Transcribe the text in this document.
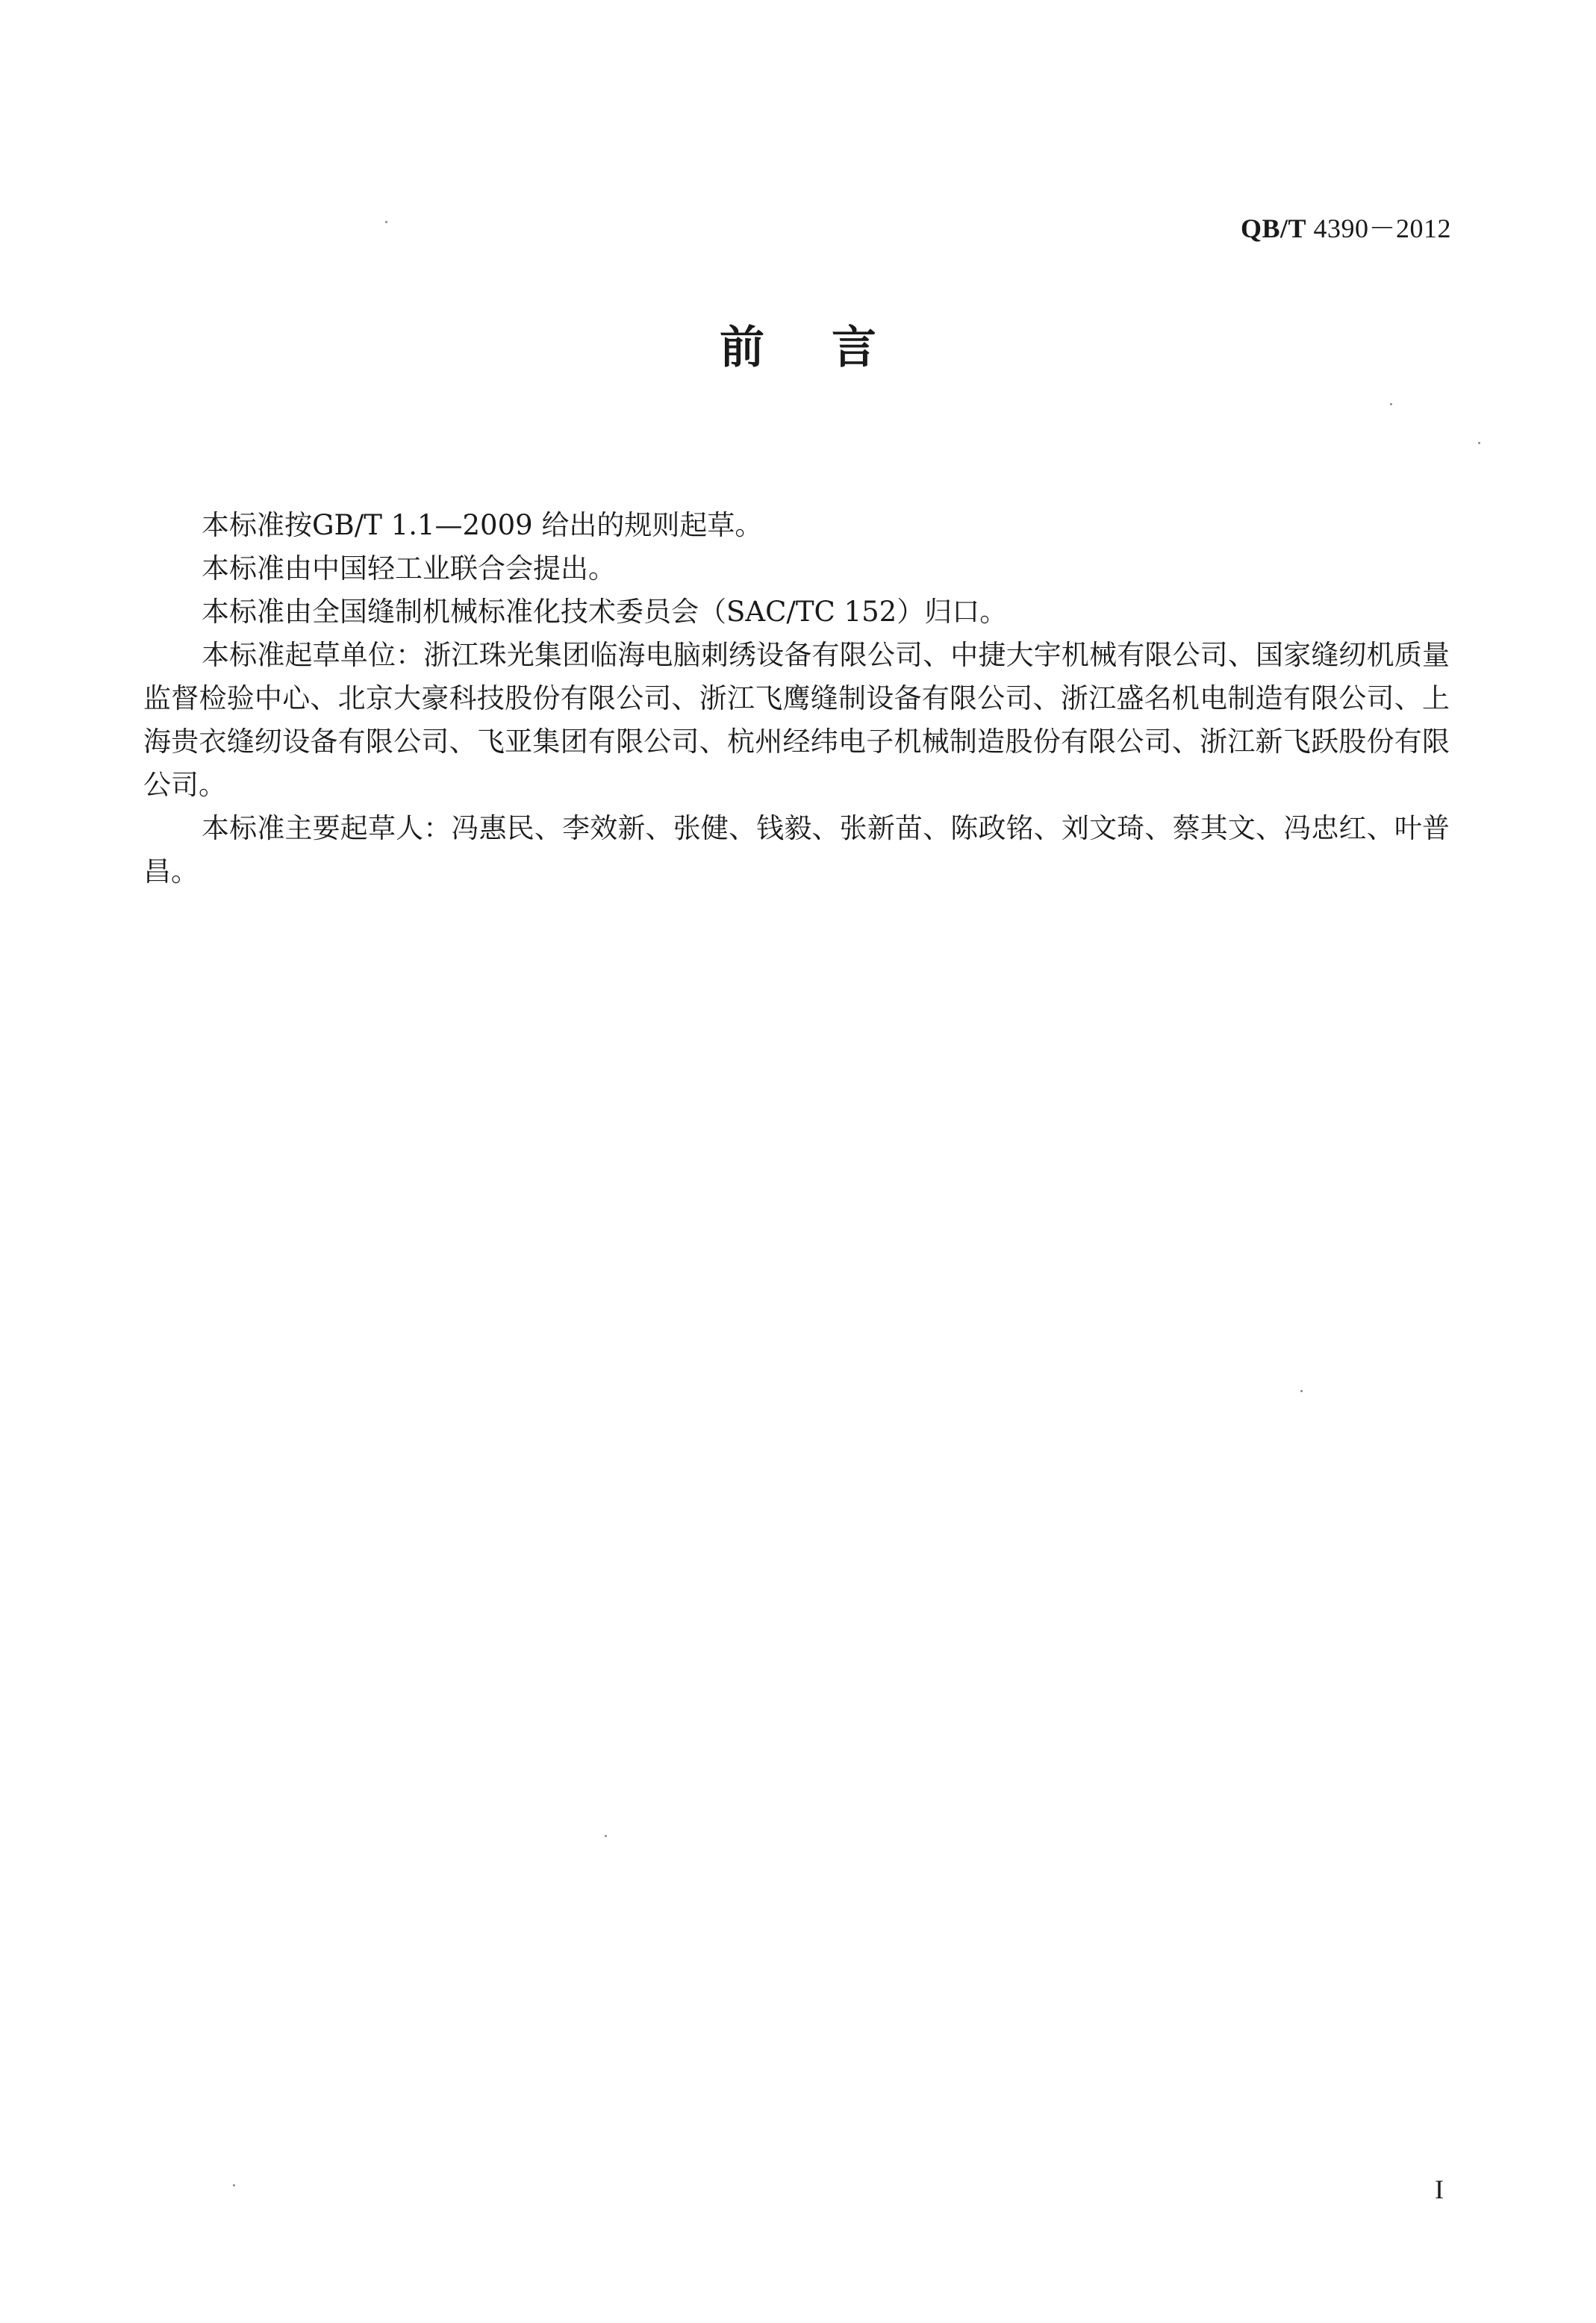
QB/T 4390－2012
前言

本标准按GB/T 1.1—2009 给出的规则起草。

本标准由中国轻工业联合会提出。

本标准由全国缝制机械标准化技术委员会（SAC/TC 152）归口。

本标准起草单位：浙江珠光集团临海电脑刺绣设备有限公司、中捷大宇机械有限公司、国家缝纫机质量监督检验中心、北京大豪科技股份有限公司、浙江飞鹰缝制设备有限公司、浙江盛名机电制造有限公司、上海贵衣缝纫设备有限公司、飞亚集团有限公司、杭州经纬电子机械制造股份有限公司、浙江新飞跃股份有限公司。

本标准主要起草人：冯惠民、李效新、张健、钱毅、张新苗、陈政铭、刘文琦、蔡其文、冯忠红、叶普昌。

I
